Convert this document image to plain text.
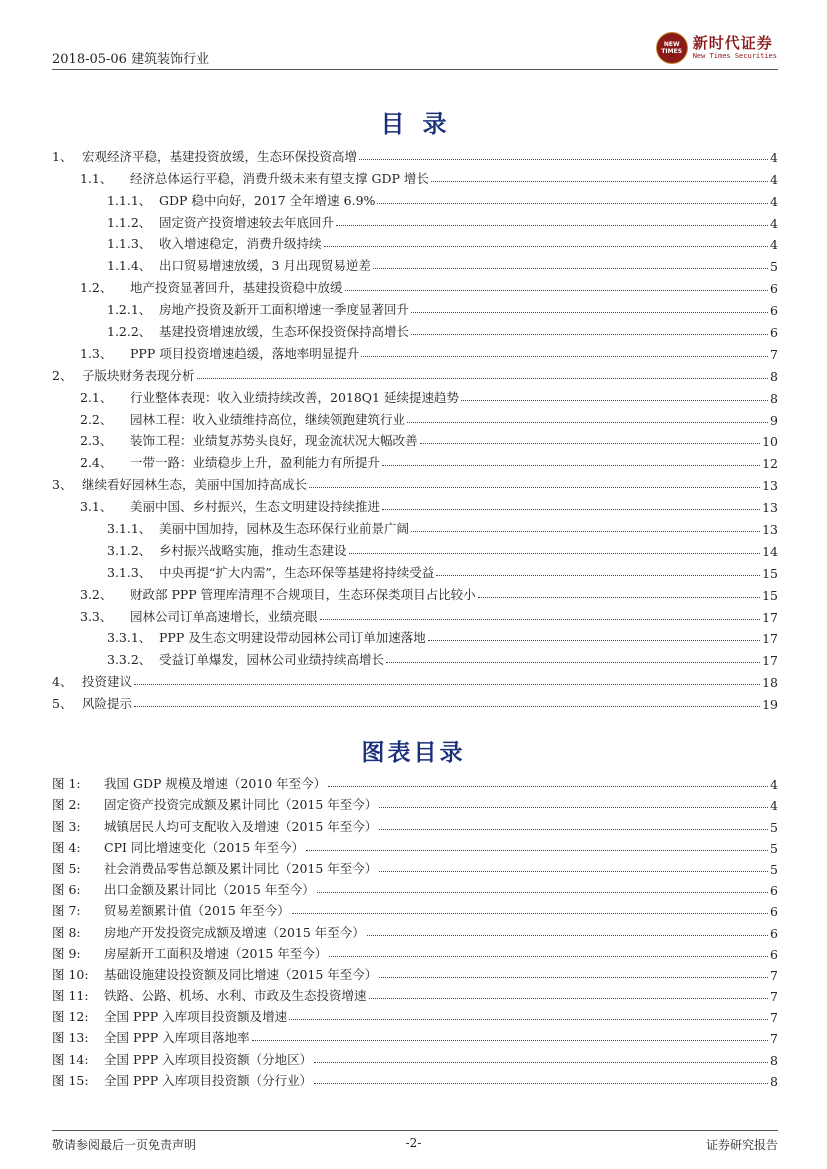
2018-05-06 建筑装饰行业
NEW TIMES 新时代证券
New Times Securities
目录
1、 宏观经济平稳，基建投资放缓，生态环保投资高增	4
1.1、	经济总体运行平稳，消费升级未来有望支撑 GDP 增长	4
1.1.1、 GDP 稳中向好，2017 全年增速 6.9%	4
1.1.2、 固定资产投资增速较去年底回升	4
1.1.3、 收入增速稳定，消费升级持续	4
1.1.4、 出口贸易增速放缓，3 月出现贸易逆差	5
1.2、	地产投资显著回升，基建投资稳中放缓	6
1.2.1、 房地产投资及新开工面积增速一季度显著回升	6
1.2.2、 基建投资增速放缓，生态环保投资保持高增长	6
1.3、	PPP 项目投资增速趋缓，落地率明显提升	7
2、 子版块财务表现分析	8
2.1、	行业整体表现：收入业绩持续改善，2018Q1 延续提速趋势	8
2.2、	园林工程：收入业绩维持高位，继续领跑建筑行业	9
2.3、	装饰工程：业绩复苏势头良好，现金流状况大幅改善	10
2.4、	一带一路：业绩稳步上升，盈利能力有所提升	12
3、 继续看好园林生态，美丽中国加持高成长	13
3.1、	美丽中国、乡村振兴，生态文明建设持续推进	13
3.1.1、 美丽中国加持，园林及生态环保行业前景广阔	13
3.1.2、 乡村振兴战略实施，推动生态建设	14
3.1.3、 中央再提“扩大内需”，生态环保等基建将持续受益	15
3.2、	财政部 PPP 管理库清理不合规项目，生态环保类项目占比较小	15
3.3、	园林公司订单高速增长，业绩亮眼	17
3.3.1、 PPP 及生态文明建设带动园林公司订单加速落地	17
3.3.2、 受益订单爆发，园林公司业绩持续高增长	17
4、 投资建议	18
5、 风险提示	19
图表目录
图 1:	我国 GDP 规模及增速（2010 年至今）	4
图 2:	固定资产投资完成额及累计同比（2015 年至今）	4
图 3:	城镇居民人均可支配收入及增速（2015 年至今）	5
图 4:	CPI 同比增速变化（2015 年至今）	5
图 5:	社会消费品零售总额及累计同比（2015 年至今）	5
图 6:	出口金额及累计同比（2015 年至今）	6
图 7:	贸易差额累计值（2015 年至今）	6
图 8:	房地产开发投资完成额及增速（2015 年至今）	6
图 9:	房屋新开工面积及增速（2015 年至今）	6
图 10:	基础设施建设投资额及同比增速（2015 年至今）	7
图 11:	铁路、公路、机场、水利、市政及生态投资增速	7
图 12:	全国 PPP 入库项目投资额及增速	7
图 13:	全国 PPP 入库项目落地率	7
图 14:	全国 PPP 入库项目投资额（分地区）	8
图 15:	全国 PPP 入库项目投资额（分行业）	8
敬请参阅最后一页免责声明	-2-	证券研究报告
